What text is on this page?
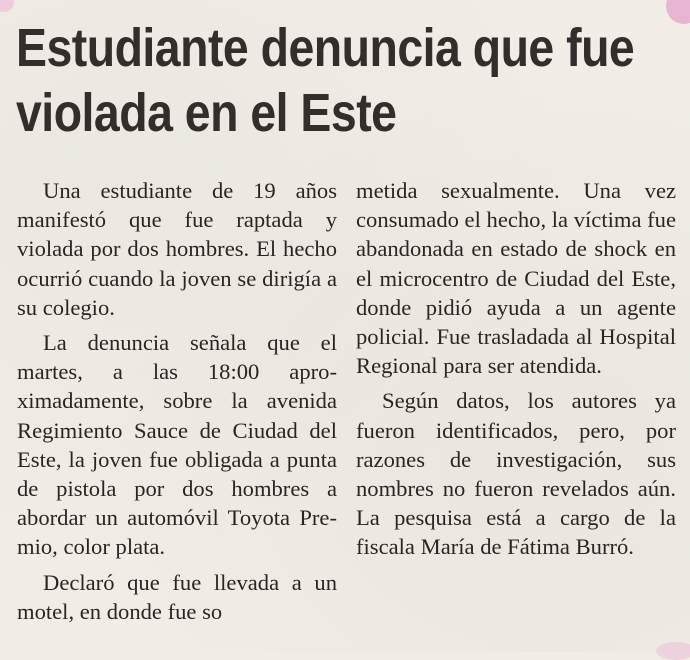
Estudiante denuncia que fue violada en el Este

Una estudiante de 19 años manifestó que fue raptada y violada por dos hombres. El hecho ocurrió cuando la joven se dirigía a su colegio.

La denuncia señala que el martes, a las 18:00 aproximadamente, sobre la avenida Regimiento Sauce de Ciudad del Este, la joven fue obligada a punta de pistola por dos hombres a abordar un automóvil Toyota Premio, color plata.

Declaró que fue llevada a un motel, en donde fue so

metida sexualmente. Una vez consumado el hecho, la víctima fue abandonada en estado de shock en el microcentro de Ciudad del Este, donde pidió ayuda a un agente policial. Fue trasladada al Hospital Regional para ser atendida.

Según datos, los autores ya fueron identificados, pero, por razones de investigación, sus nombres no fueron revelados aún. La pesquisa está a cargo de la fiscala María de Fátima Burró.
